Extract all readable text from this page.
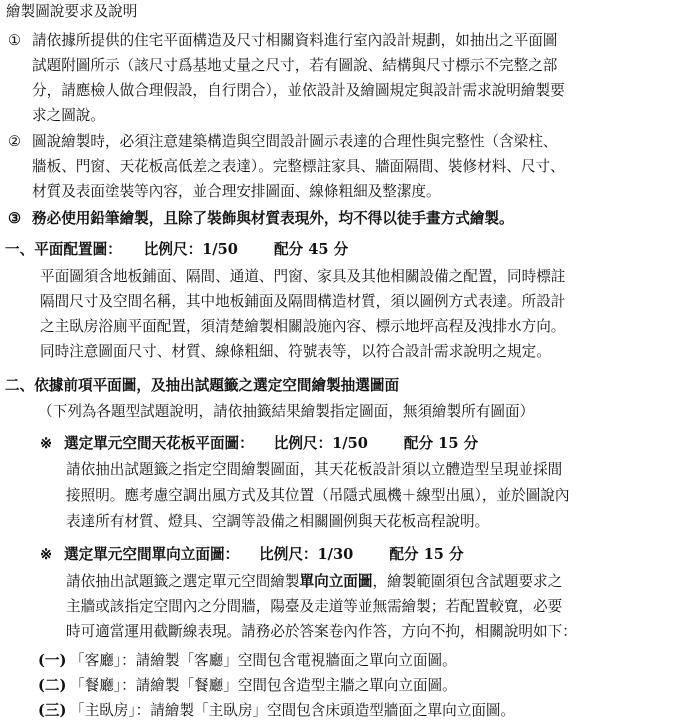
繪製圖說要求及說明
① 請依據所提供的住宅平面構造及尺寸相關資料進行室內設計規劃，如抽出之平面圖
試題附圖所示（該尺寸爲基地丈量之尺寸，若有圖說、結構與尺寸標示不完整之部
分，請應檢人做合理假設，自行閉合），並依設計及繪圖規定與設計需求說明繪製要
求之圖說。
② 圖說繪製時，必須注意建築構造與空間設計圖示表達的合理性與完整性（含梁柱、
牆板、門窗、天花板高低差之表達）。完整標註家具、牆面隔間、裝修材料、尺寸、
材質及表面塗裝等內容，並合理安排圖面、線條粗細及整潔度。
③ 務必使用鉛筆繪製，且除了裝飾與材質表現外，均不得以徒手畫方式繪製。
一、平面配置圖： 比例尺：1/50 配分 45 分
平面圖須含地板鋪面、隔間、通道、門窗、家具及其他相關設備之配置，同時標註
隔間尺寸及空間名稱，其中地板鋪面及隔間構造材質，須以圖例方式表達。所設計
之主臥房浴廁平面配置，須清楚繪製相關設施內容、標示地坪高程及洩排水方向。
同時注意圖面尺寸、材質、線條粗細、符號表等，以符合設計需求說明之規定。
二、依據前項平面圖，及抽出試題籤之選定空間繪製抽選圖面
（下列為各題型試題說明，請依抽籤結果繪製指定圖面，無須繪製所有圖面）
※ 選定單元空間天花板平面圖： 比例尺：1/50 配分 15 分
請依抽出試題籤之指定空間繪製圖面，其天花板設計須以立體造型呈現並採間
接照明。應考慮空調出風方式及其位置（吊隱式風機＋線型出風），並於圖說內
表達所有材質、燈具、空調等設備之相關圖例與天花板高程說明。
※ 選定單元空間單向立面圖： 比例尺：1/30 配分 15 分
請依抽出試題籤之選定單元空間繪製單向立面圖，繪製範圍須包含試題要求之
主牆或該指定空間內之分間牆，陽臺及走道等並無需繪製；若配置較寬，必要
時可適當運用截斷線表現。請務必於答案卷內作答，方向不拘，相關說明如下：
(一) 「客廳」：請繪製「客廳」空間包含電視牆面之單向立面圖。
(二) 「餐廳」：請繪製「餐廳」空間包含造型主牆之單向立面圖。
(三) 「主臥房」：請繪製「主臥房」空間包含床頭造型牆面之單向立面圖。
